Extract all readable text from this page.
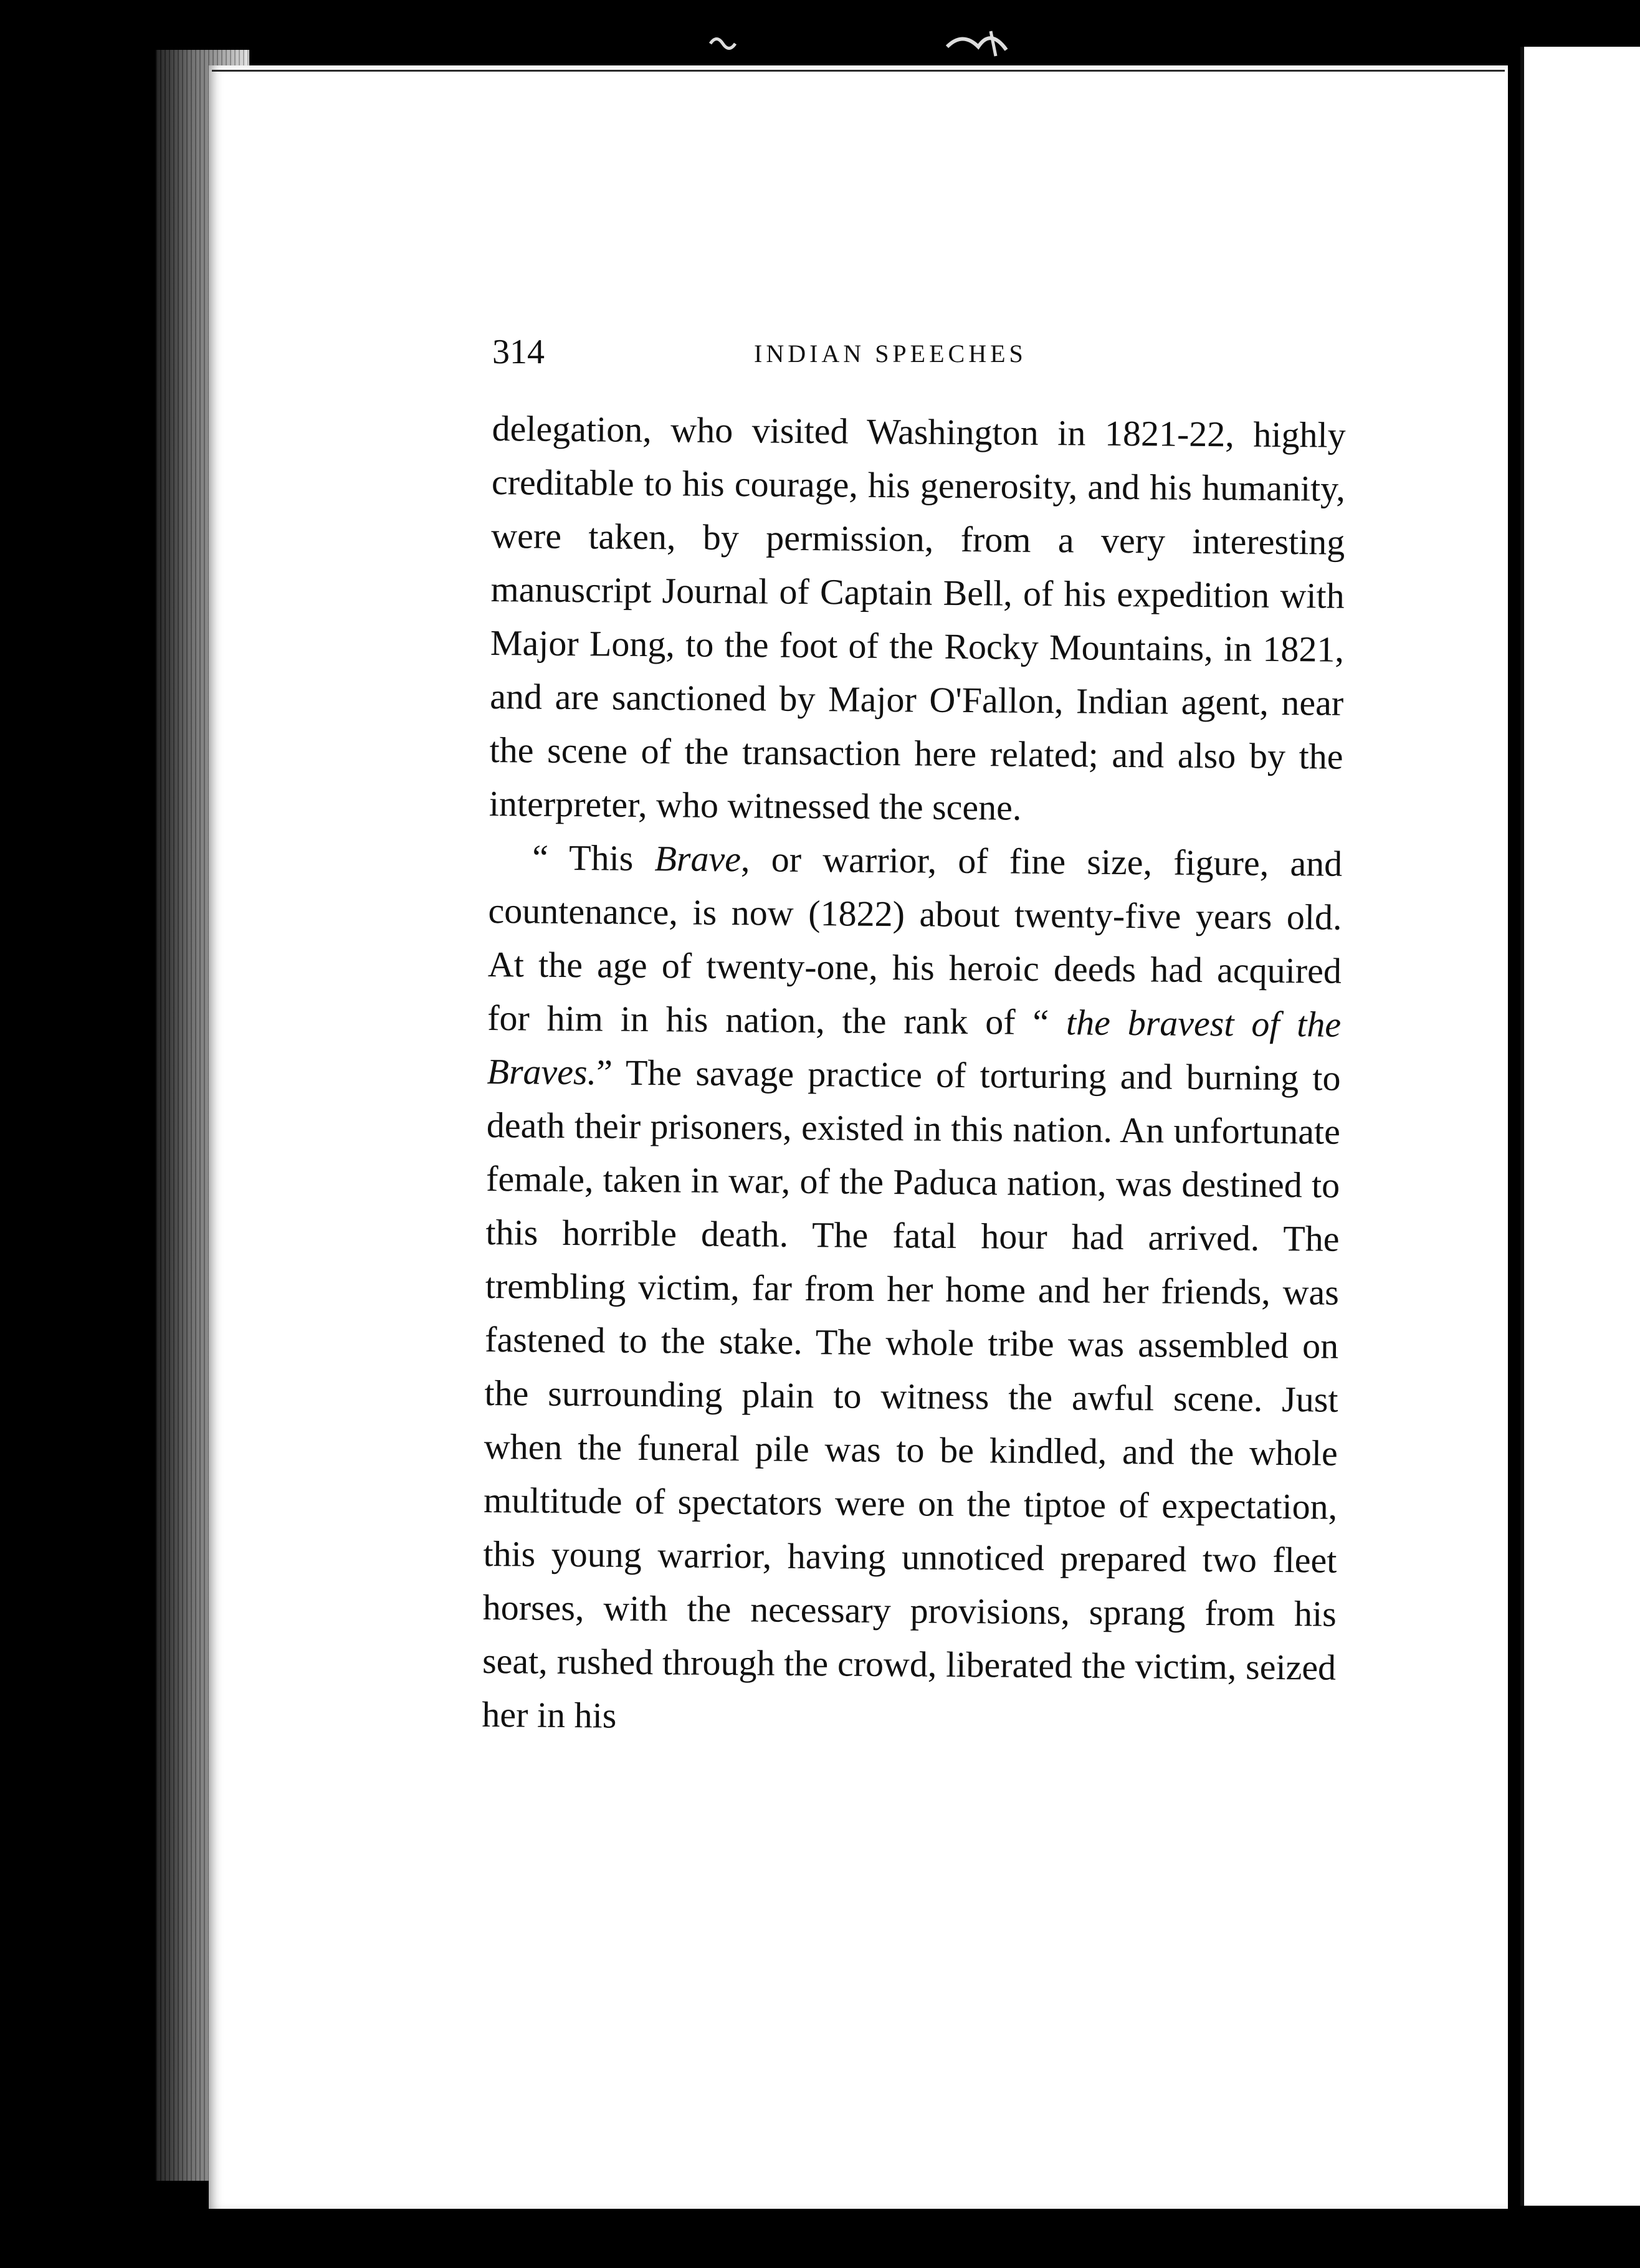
314	INDIAN SPEECHES

delegation, who visited Washington in 1821-22, highly creditable to his courage, his generosity, and his humanity, were taken, by permission, from a very interesting manuscript Journal of Captain Bell, of his expedition with Major Long, to the foot of the Rocky Mountains, in 1821, and are sanctioned by Major O'Fallon, Indian agent, near the scene of the transaction here related; and also by the interpreter, who witnessed the scene.

“ This Brave, or warrior, of fine size, figure, and countenance, is now (1822) about twenty-five years old. At the age of twenty-one, his heroic deeds had acquired for him in his nation, the rank of “ the bravest of the Braves.” The savage practice of torturing and burning to death their prisoners, existed in this nation. An unfortunate female, taken in war, of the Paduca nation, was destined to this horrible death. The fatal hour had arrived. The trembling victim, far from her home and her friends, was fastened to the stake. The whole tribe was assembled on the surrounding plain to witness the awful scene. Just when the funeral pile was to be kindled, and the whole multitude of spectators were on the tiptoe of expectation, this young warrior, having unnoticed prepared two fleet horses, with the necessary provisions, sprang from his seat, rushed through the crowd, liberated the victim, seized her in his
